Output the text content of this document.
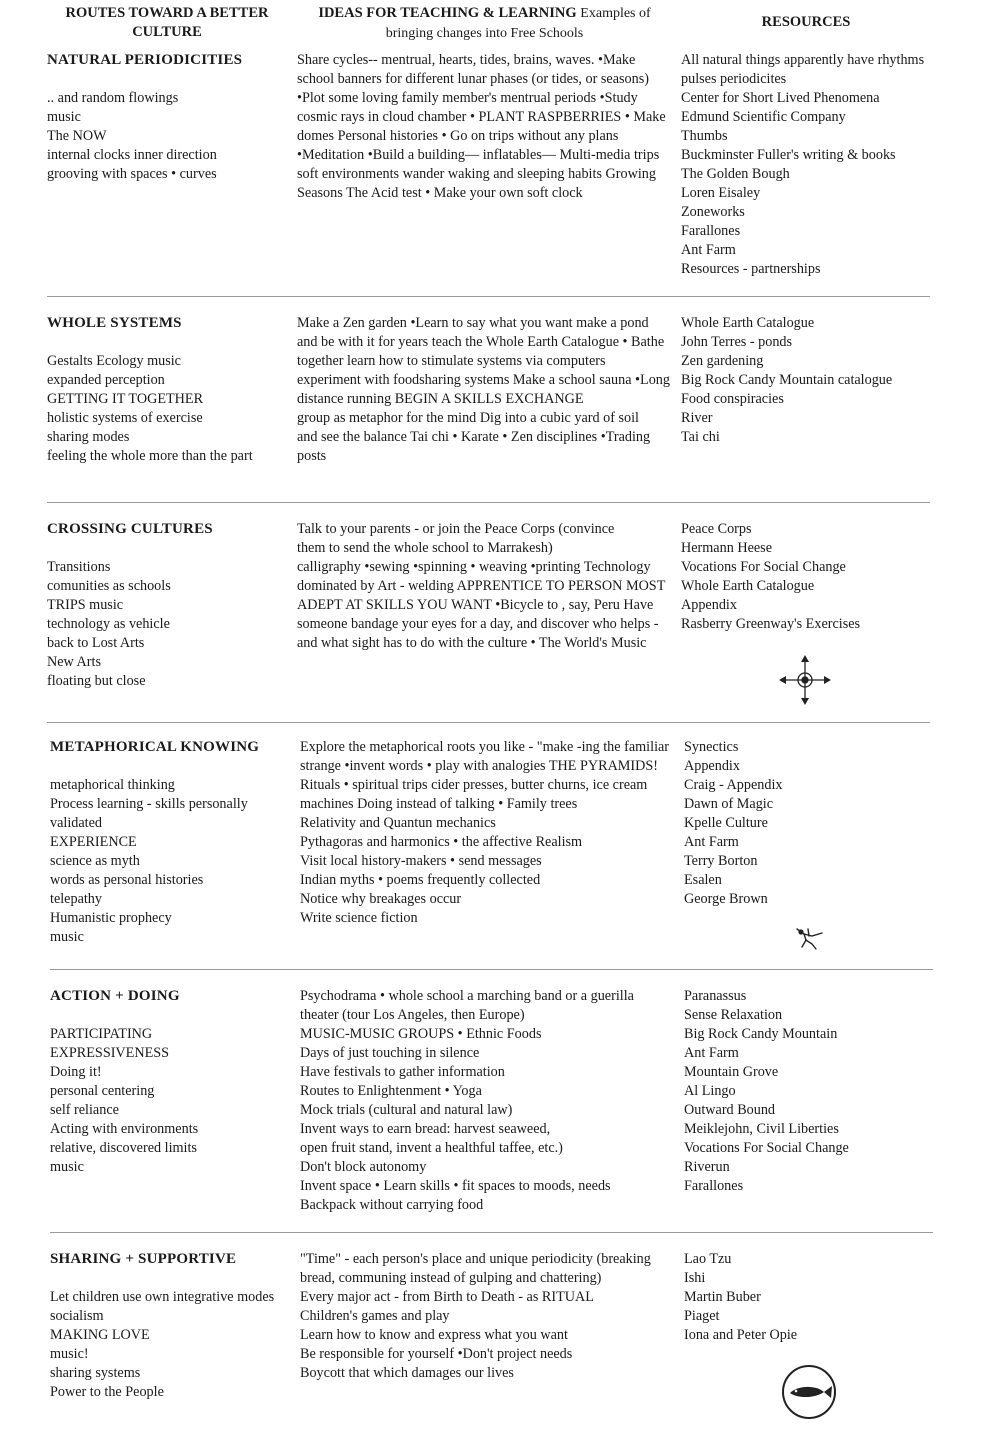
ROUTES TOWARD A BETTER CULTURE
IDEAS FOR TEACHING & LEARNING Examples of bringing changes into Free Schools
RESOURCES
NATURAL PERIODICITIES
.. and random flowings
music
The NOW
internal clocks inner direction
grooving with spaces • curves
Share cycles-- mentrual, hearts, tides, brains, waves. •Make school banners for different lunar phases (or tides, or seasons) •Plot some loving family member's mentrual periods •Study cosmic rays in cloud chamber • PLANT RASPBERRIES • Make domes Personal histories • Go on trips without any plans •Meditation •Build a building— inflatables— Multi-media trips soft environments wander waking and sleeping habits Growing Seasons The Acid test • Make your own soft clock
All natural things apparently have rhythms pulses periodicites
Center for Short Lived Phenomena
Edmund Scientific Company
Thumbs
Buckminster Fuller's writing & books
The Golden Bough
Loren Eisaley
Zoneworks
Farallones
Ant Farm
Resources - partnerships
WHOLE SYSTEMS
Gestalts Ecology music
expanded perception
GETTING IT TOGETHER
holistic systems of exercise
sharing modes
feeling the whole more than the part
Make a Zen garden •Learn to say what you want make a pond and be with it for years teach the Whole Earth Catalogue • Bathe together learn how to stimulate systems via computers experiment with foodsharing systems Make a school sauna •Long distance running BEGIN A SKILLS EXCHANGE
group as metaphor for the mind Dig into a cubic yard of soil and see the balance Tai chi • Karate • Zen disciplines •Trading posts
Whole Earth Catalogue
John Terres - ponds
Zen gardening
Big Rock Candy Mountain catalogue
Food conspiracies
River
Tai chi
CROSSING CULTURES
Transitions
comunities as schools
TRIPS music
technology as vehicle
back to Lost Arts
New Arts
floating but close
Talk to your parents - or join the Peace Corps (convince them to send the whole school to Marrakesh)
calligraphy •sewing •spinning • weaving •printing Technology dominated by Art - welding APPRENTICE TO PERSON MOST ADEPT AT SKILLS YOU WANT •Bicycle to , say, Peru Have someone bandage your eyes for a day, and discover who helps - and what sight has to do with the culture • The World's Music
Peace Corps
Hermann Heese
Vocations For Social Change
Whole Earth Catalogue
Appendix
Rasberry Greenway's Exercises
METAPHORICAL KNOWING
metaphorical thinking
Process learning - skills personally validated
EXPERIENCE
science as myth
words as personal histories
telepathy
Humanistic prophecy
music
Explore the metaphorical roots you like - "make -ing the familiar strange •invent words • play with analogies THE PYRAMIDS! Rituals • spiritual trips cider presses, butter churns, ice cream machines Doing instead of talking • Family trees
Relativity and Quantun mechanics
Pythagoras and harmonics • the affective Realism
Visit local history-makers • send messages
Indian myths • poems frequently collected
Notice why breakages occur
Write science fiction
Synectics
Appendix
Craig - Appendix
Dawn of Magic
Kpelle Culture
Ant Farm
Terry Borton
Esalen
George Brown
ACTION + DOING
PARTICIPATING
EXPRESSIVENESS
Doing it!
personal centering
self reliance
Acting with environments
relative, discovered limits
music
Psychodrama • whole school a marching band or a guerilla theater (tour Los Angeles, then Europe)
MUSIC-MUSIC GROUPS • Ethnic Foods
Days of just touching in silence
Have festivals to gather information
Routes to Enlightenment • Yoga
Mock trials (cultural and natural law)
Invent ways to earn bread: harvest seaweed,
open fruit stand, invent a healthful taffee, etc.)
Don't block autonomy
Invent space • Learn skills • fit spaces to moods, needs
Backpack without carrying food
Paranassus
Sense Relaxation
Big Rock Candy Mountain
Ant Farm
Mountain Grove
Al Lingo
Outward Bound
Meiklejohn, Civil Liberties
Vocations For Social Change
Riverun
Farallones
SHARING + SUPPORTIVE
Let children use own integrative modes
socialism
MAKING LOVE
music!
sharing systems
Power to the People
"Time" - each person's place and unique periodicity (breaking bread, communing instead of gulping and chattering)
Every major act - from Birth to Death - as RITUAL
Children's games and play
Learn how to know and express what you want
Be responsible for yourself •Don't project needs
Boycott that which damages our lives
Lao Tzu
Ishi
Martin Buber
Piaget
Iona and Peter Opie
